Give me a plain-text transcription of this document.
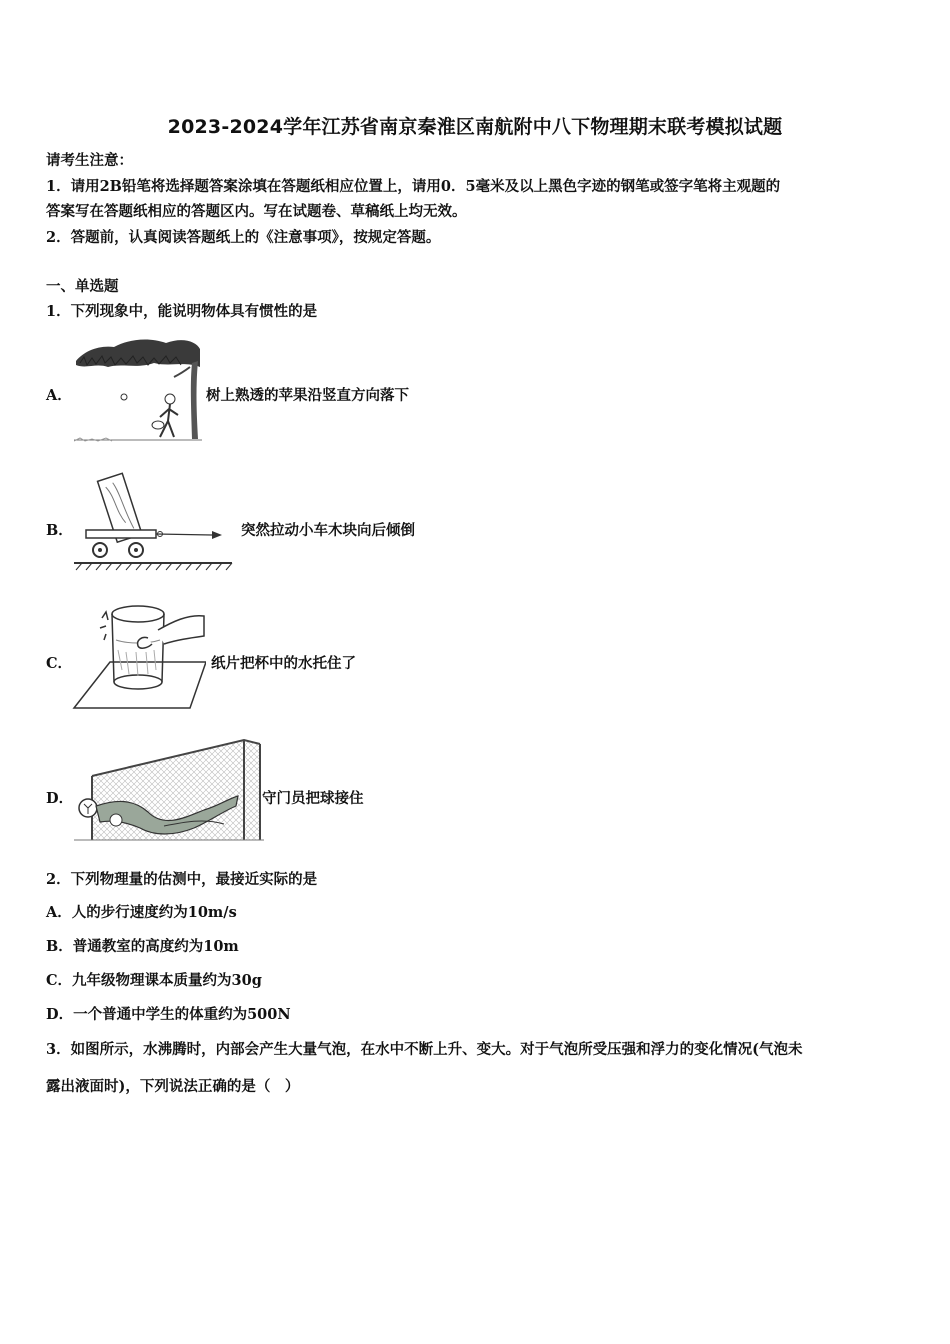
2023-2024学年江苏省南京秦淮区南航附中八下物理期末联考模拟试题
请考生注意：
1．请用2B铅笔将选择题答案涂填在答题纸相应位置上，请用0．5毫米及以上黑色字迹的钢笔或签字笔将主观题的
答案写在答题纸相应的答题区内。写在试题卷、草稿纸上均无效。
2．答题前，认真阅读答题纸上的《注意事项》，按规定答题。
一、单选题
1．下列现象中，能说明物体具有惯性的是
A．	树上熟透的苹果沿竖直方向落下
B．	突然拉动小车木块向后倾倒
C．	纸片把杯中的水托住了
D．	守门员把球接住
2．下列物理量的估测中，最接近实际的是
A．人的步行速度约为10m/s
B．普通教室的高度约为10m
C．九年级物理课本质量约为30g
D．一个普通中学生的体重约为500N
3．如图所示，水沸腾时，内部会产生大量气泡，在水中不断上升、变大。对于气泡所受压强和浮力的变化情况(气泡未
露出液面时)，下列说法正确的是（　）
